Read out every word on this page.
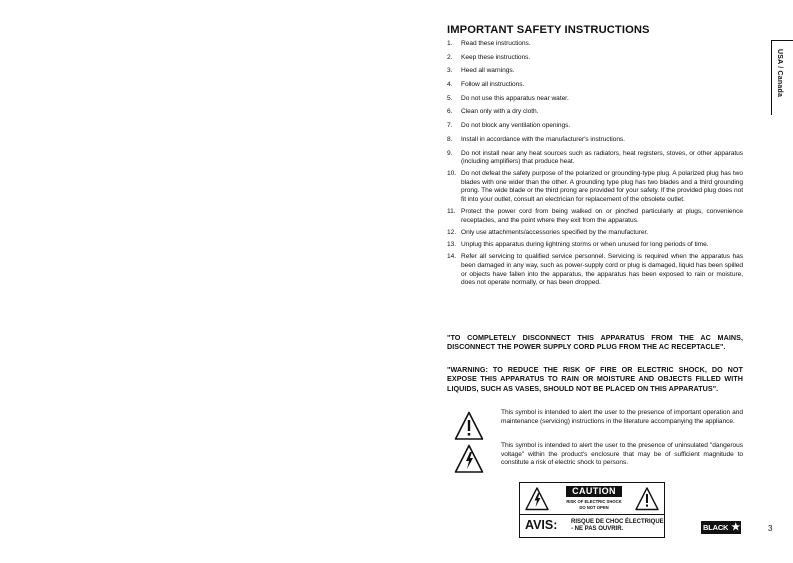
IMPORTANT SAFETY INSTRUCTIONS
1. Read these instructions.
2. Keep these instructions.
3. Heed all warnings.
4. Follow all instructions.
5. Do not use this apparatus near water.
6. Clean only with a dry cloth.
7. Do not block any ventilation openings.
8. Install in accordance with the manufacturer's instructions.
9. Do not install near any heat sources such as radiators, heat registers, stoves, or other apparatus (including amplifiers) that produce heat.
10. Do not defeat the safety purpose of the polarized or grounding-type plug. A polarized plug has two blades with one wider than the other. A grounding type plug has two blades and a third grounding prong. The wide blade or the third prong are provided for your safety. If the provided plug does not fit into your outlet, consult an electrician for replacement of the obsolete outlet.
11. Protect the power cord from being walked on or pinched particularly at plugs, convenience receptacles, and the point where they exit from the apparatus.
12. Only use attachments/accessories specified by the manufacturer.
13. Unplug this apparatus during lightning storms or when unused for long periods of time.
14. Refer all servicing to qualified service personnel. Servicing is required when the apparatus has been damaged in any way, such as power-supply cord or plug is damaged, liquid has been spilled or objects have fallen into the apparatus, the apparatus has been exposed to rain or moisture, does not operate normally, or has been dropped.
"TO COMPLETELY DISCONNECT THIS APPARATUS FROM THE AC MAINS, DISCONNECT THE POWER SUPPLY CORD PLUG FROM THE AC RECEPTACLE".
"WARNING: TO REDUCE THE RISK OF FIRE OR ELECTRIC SHOCK, DO NOT EXPOSE THIS APPARATUS TO RAIN OR MOISTURE AND OBJECTS FILLED WITH LIQUIDS, SUCH AS VASES, SHOULD NOT BE PLACED ON THIS APPARATUS".
This symbol is intended to alert the user to the presence of important operation and maintenance (servicing) instructions in the literature accompanying the appliance.
This symbol is intended to alert the user to the presence of uninsulated "dangerous voltage" within the product's enclosure that may be of sufficient magnitude to constitute a risk of electric shock to persons.
CAUTION
RISK OF ELECTRIC SHOCK
DO NOT OPEN
AVIS: RISQUE DE CHOC ÉLECTRIQUE
- NE PAS OUVRIR.
USA / Canada
BLACK ★	3
